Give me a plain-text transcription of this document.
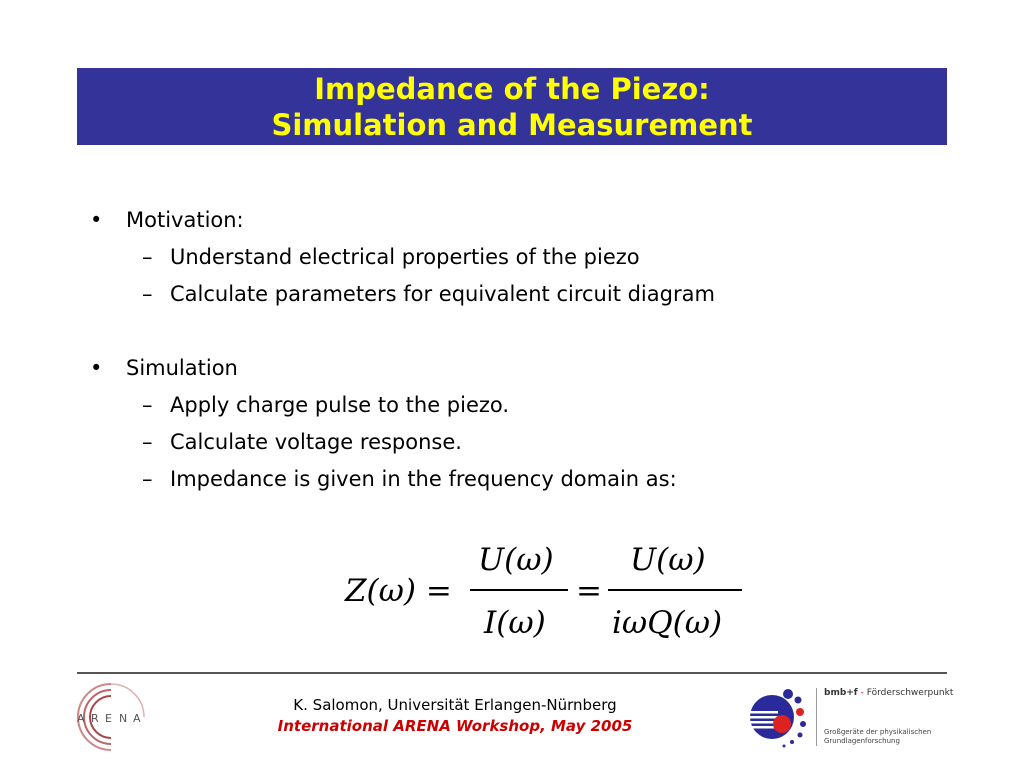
Impedance of the Piezo:
Simulation and Measurement
• Motivation:
– Understand electrical properties of the piezo
– Calculate parameters for equivalent circuit diagram
• Simulation
– Apply charge pulse to the piezo.
– Calculate voltage response.
– Impedance is given in the frequency domain as:
Z(ω) =
U(ω)
I(ω)
=
U(ω)
iωQ(ω)
A R E N A
K. Salomon, Universität Erlangen-Nürnberg
International ARENA Workshop, May 2005
bmb+f - Förderschwerpunkt
Großgeräte der physikalischen
Grundlagenforschung
